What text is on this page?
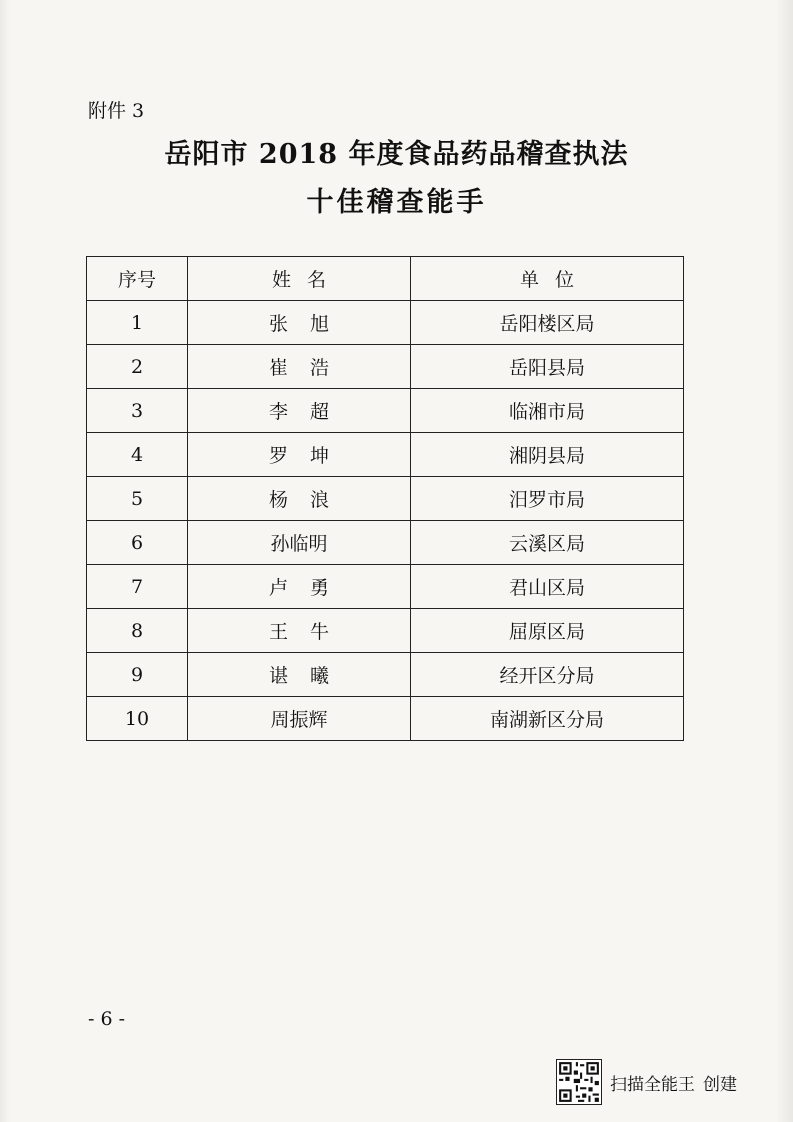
附件 3
岳阳市 2018 年度食品药品稽查执法
十佳稽查能手
序号	姓名	单位
1	张旭	岳阳楼区局
2	崔浩	岳阳县局
3	李超	临湘市局
4	罗坤	湘阴县局
5	杨浪	汨罗市局
6	孙临明	云溪区局
7	卢勇	君山区局
8	王牛	屈原区局
9	谌曦	经开区分局
10	周振辉	南湖新区分局
- 6 -
扫描全能王 创建
